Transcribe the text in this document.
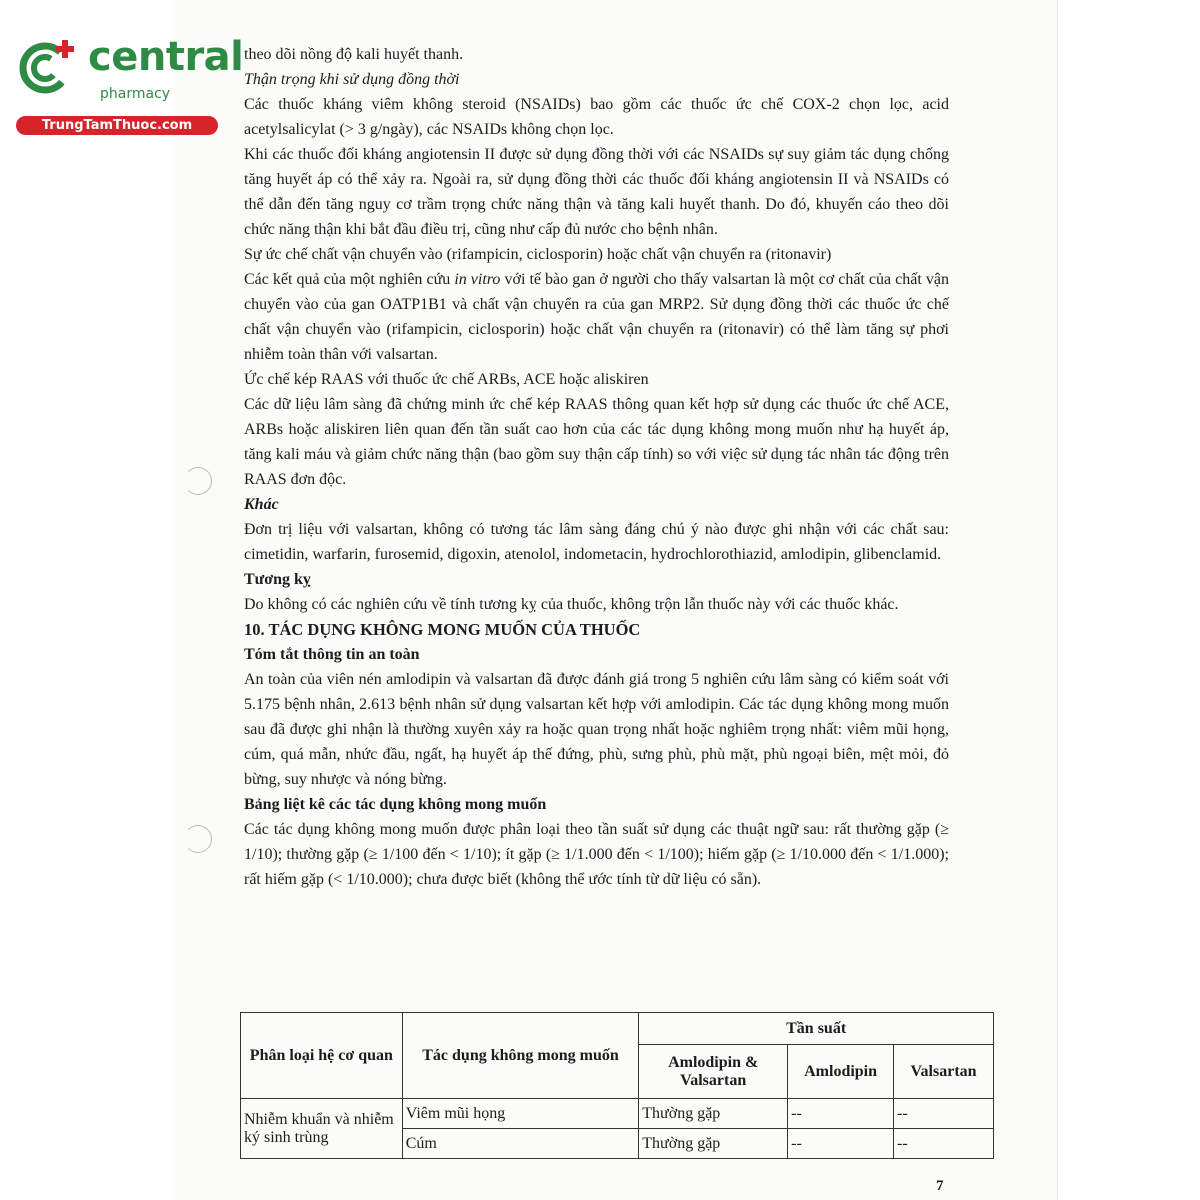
central
pharmacy
TrungTamThuoc.com

theo dõi nồng độ kali huyết thanh.

Thận trọng khi sử dụng đồng thời

Các thuốc kháng viêm không steroid (NSAIDs) bao gồm các thuốc ức chế COX-2 chọn lọc, acid acetylsalicylat (> 3 g/ngày), các NSAIDs không chọn lọc.

Khi các thuốc đối kháng angiotensin II được sử dụng đồng thời với các NSAIDs sự suy giảm tác dụng chống tăng huyết áp có thể xảy ra. Ngoài ra, sử dụng đồng thời các thuốc đối kháng angiotensin II và NSAIDs có thể dẫn đến tăng nguy cơ trầm trọng chức năng thận và tăng kali huyết thanh. Do đó, khuyến cáo theo dõi chức năng thận khi bắt đầu điều trị, cũng như cấp đủ nước cho bệnh nhân.

Sự ức chế chất vận chuyển vào (rifampicin, ciclosporin) hoặc chất vận chuyển ra (ritonavir)

Các kết quả của một nghiên cứu in vitro với tế bào gan ở người cho thấy valsartan là một cơ chất của chất vận chuyển vào của gan OATP1B1 và chất vận chuyển ra của gan MRP2. Sử dụng đồng thời các thuốc ức chế chất vận chuyển vào (rifampicin, ciclosporin) hoặc chất vận chuyển ra (ritonavir) có thể làm tăng sự phơi nhiễm toàn thân với valsartan.

Ức chế kép RAAS với thuốc ức chế ARBs, ACE hoặc aliskiren

Các dữ liệu lâm sàng đã chứng minh ức chế kép RAAS thông quan kết hợp sử dụng các thuốc ức chế ACE, ARBs hoặc aliskiren liên quan đến tần suất cao hơn của các tác dụng không mong muốn như hạ huyết áp, tăng kali máu và giảm chức năng thận (bao gồm suy thận cấp tính) so với việc sử dụng tác nhân tác động trên RAAS đơn độc.

Khác

Đơn trị liệu với valsartan, không có tương tác lâm sàng đáng chú ý nào được ghi nhận với các chất sau: cimetidin, warfarin, furosemid, digoxin, atenolol, indometacin, hydrochlorothiazid, amlodipin, glibenclamid.

Tương kỵ

Do không có các nghiên cứu về tính tương kỵ của thuốc, không trộn lẫn thuốc này với các thuốc khác.

10. TÁC DỤNG KHÔNG MONG MUỐN CỦA THUỐC

Tóm tắt thông tin an toàn

An toàn của viên nén amlodipin và valsartan đã được đánh giá trong 5 nghiên cứu lâm sàng có kiểm soát với 5.175 bệnh nhân, 2.613 bệnh nhân sử dụng valsartan kết hợp với amlodipin. Các tác dụng không mong muốn sau đã được ghi nhận là thường xuyên xảy ra hoặc quan trọng nhất hoặc nghiêm trọng nhất: viêm mũi họng, cúm, quá mẫn, nhức đầu, ngất, hạ huyết áp thế đứng, phù, sưng phù, phù mặt, phù ngoại biên, mệt mỏi, đỏ bừng, suy nhược và nóng bừng.

Bảng liệt kê các tác dụng không mong muốn

Các tác dụng không mong muốn được phân loại theo tần suất sử dụng các thuật ngữ sau: rất thường gặp (≥ 1/10); thường gặp (≥ 1/100 đến < 1/10); ít gặp (≥ 1/1.000 đến < 1/100); hiếm gặp (≥ 1/10.000 đến < 1/1.000); rất hiếm gặp (< 1/10.000); chưa được biết (không thể ước tính từ dữ liệu có sẵn).

Phân loại hệ cơ quan	Tác dụng không mong muốn	Tần suất		
		Amlodipin & Valsartan	Amlodipin	Valsartan
Nhiễm khuẩn và nhiễm ký sinh trùng	Viêm mũi họng	Thường gặp	--	--
	Cúm	Thường gặp	--	--
7
